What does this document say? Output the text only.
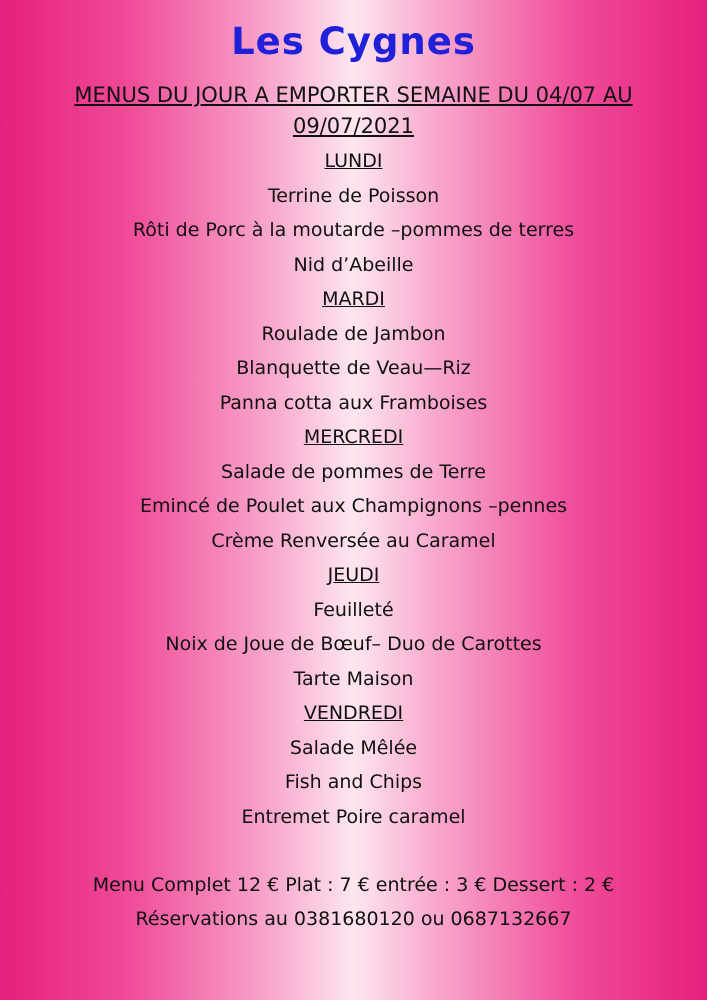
Les Cygnes
MENUS DU JOUR A EMPORTER SEMAINE DU 04/07 AU 09/07/2021
LUNDI
Terrine de Poisson
Rôti de Porc à la moutarde –pommes de terres
Nid d’Abeille
MARDI
Roulade de Jambon
Blanquette de Veau—Riz
Panna cotta aux Framboises
MERCREDI
Salade de pommes de Terre
Emincé de Poulet aux Champignons –pennes
Crème Renversée au Caramel
JEUDI
Feuilleté
Noix de Joue de Bœuf– Duo de Carottes
Tarte Maison
VENDREDI
Salade Mêlée
Fish and Chips
Entremet Poire caramel
Menu Complet 12 € Plat : 7 € entrée : 3 € Dessert : 2 €
Réservations au 0381680120 ou 0687132667
